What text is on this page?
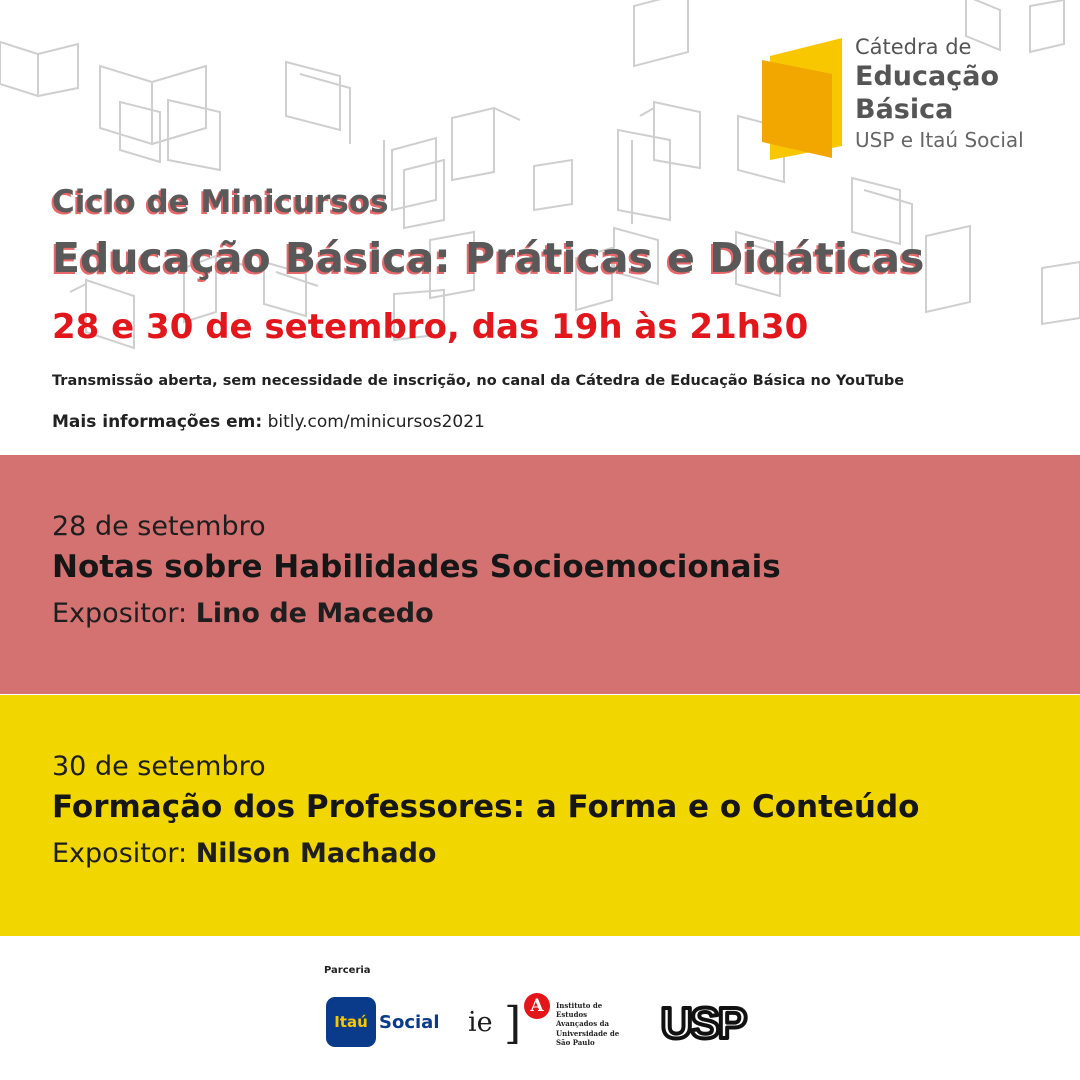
Cátedra de
Educação
Básica
USP e Itaú Social
Ciclo de Minicursos
Educação Básica: Práticas e Didáticas
28 e 30 de setembro, das 19h às 21h30
Transmissão aberta, sem necessidade de inscrição, no canal da Cátedra de Educação Básica no YouTube
Mais informações em: bitly.com/minicursos2021
28 de setembro
Notas sobre Habilidades Socioemocionais
Expositor: Lino de Macedo
30 de setembro
Formação dos Professores: a Forma e o Conteúdo
Expositor: Nilson Machado
Parceria
Itaú Social ie ] A	Instituto de
Estudos
Avançados da
Universidade de
São Paulo	USP
